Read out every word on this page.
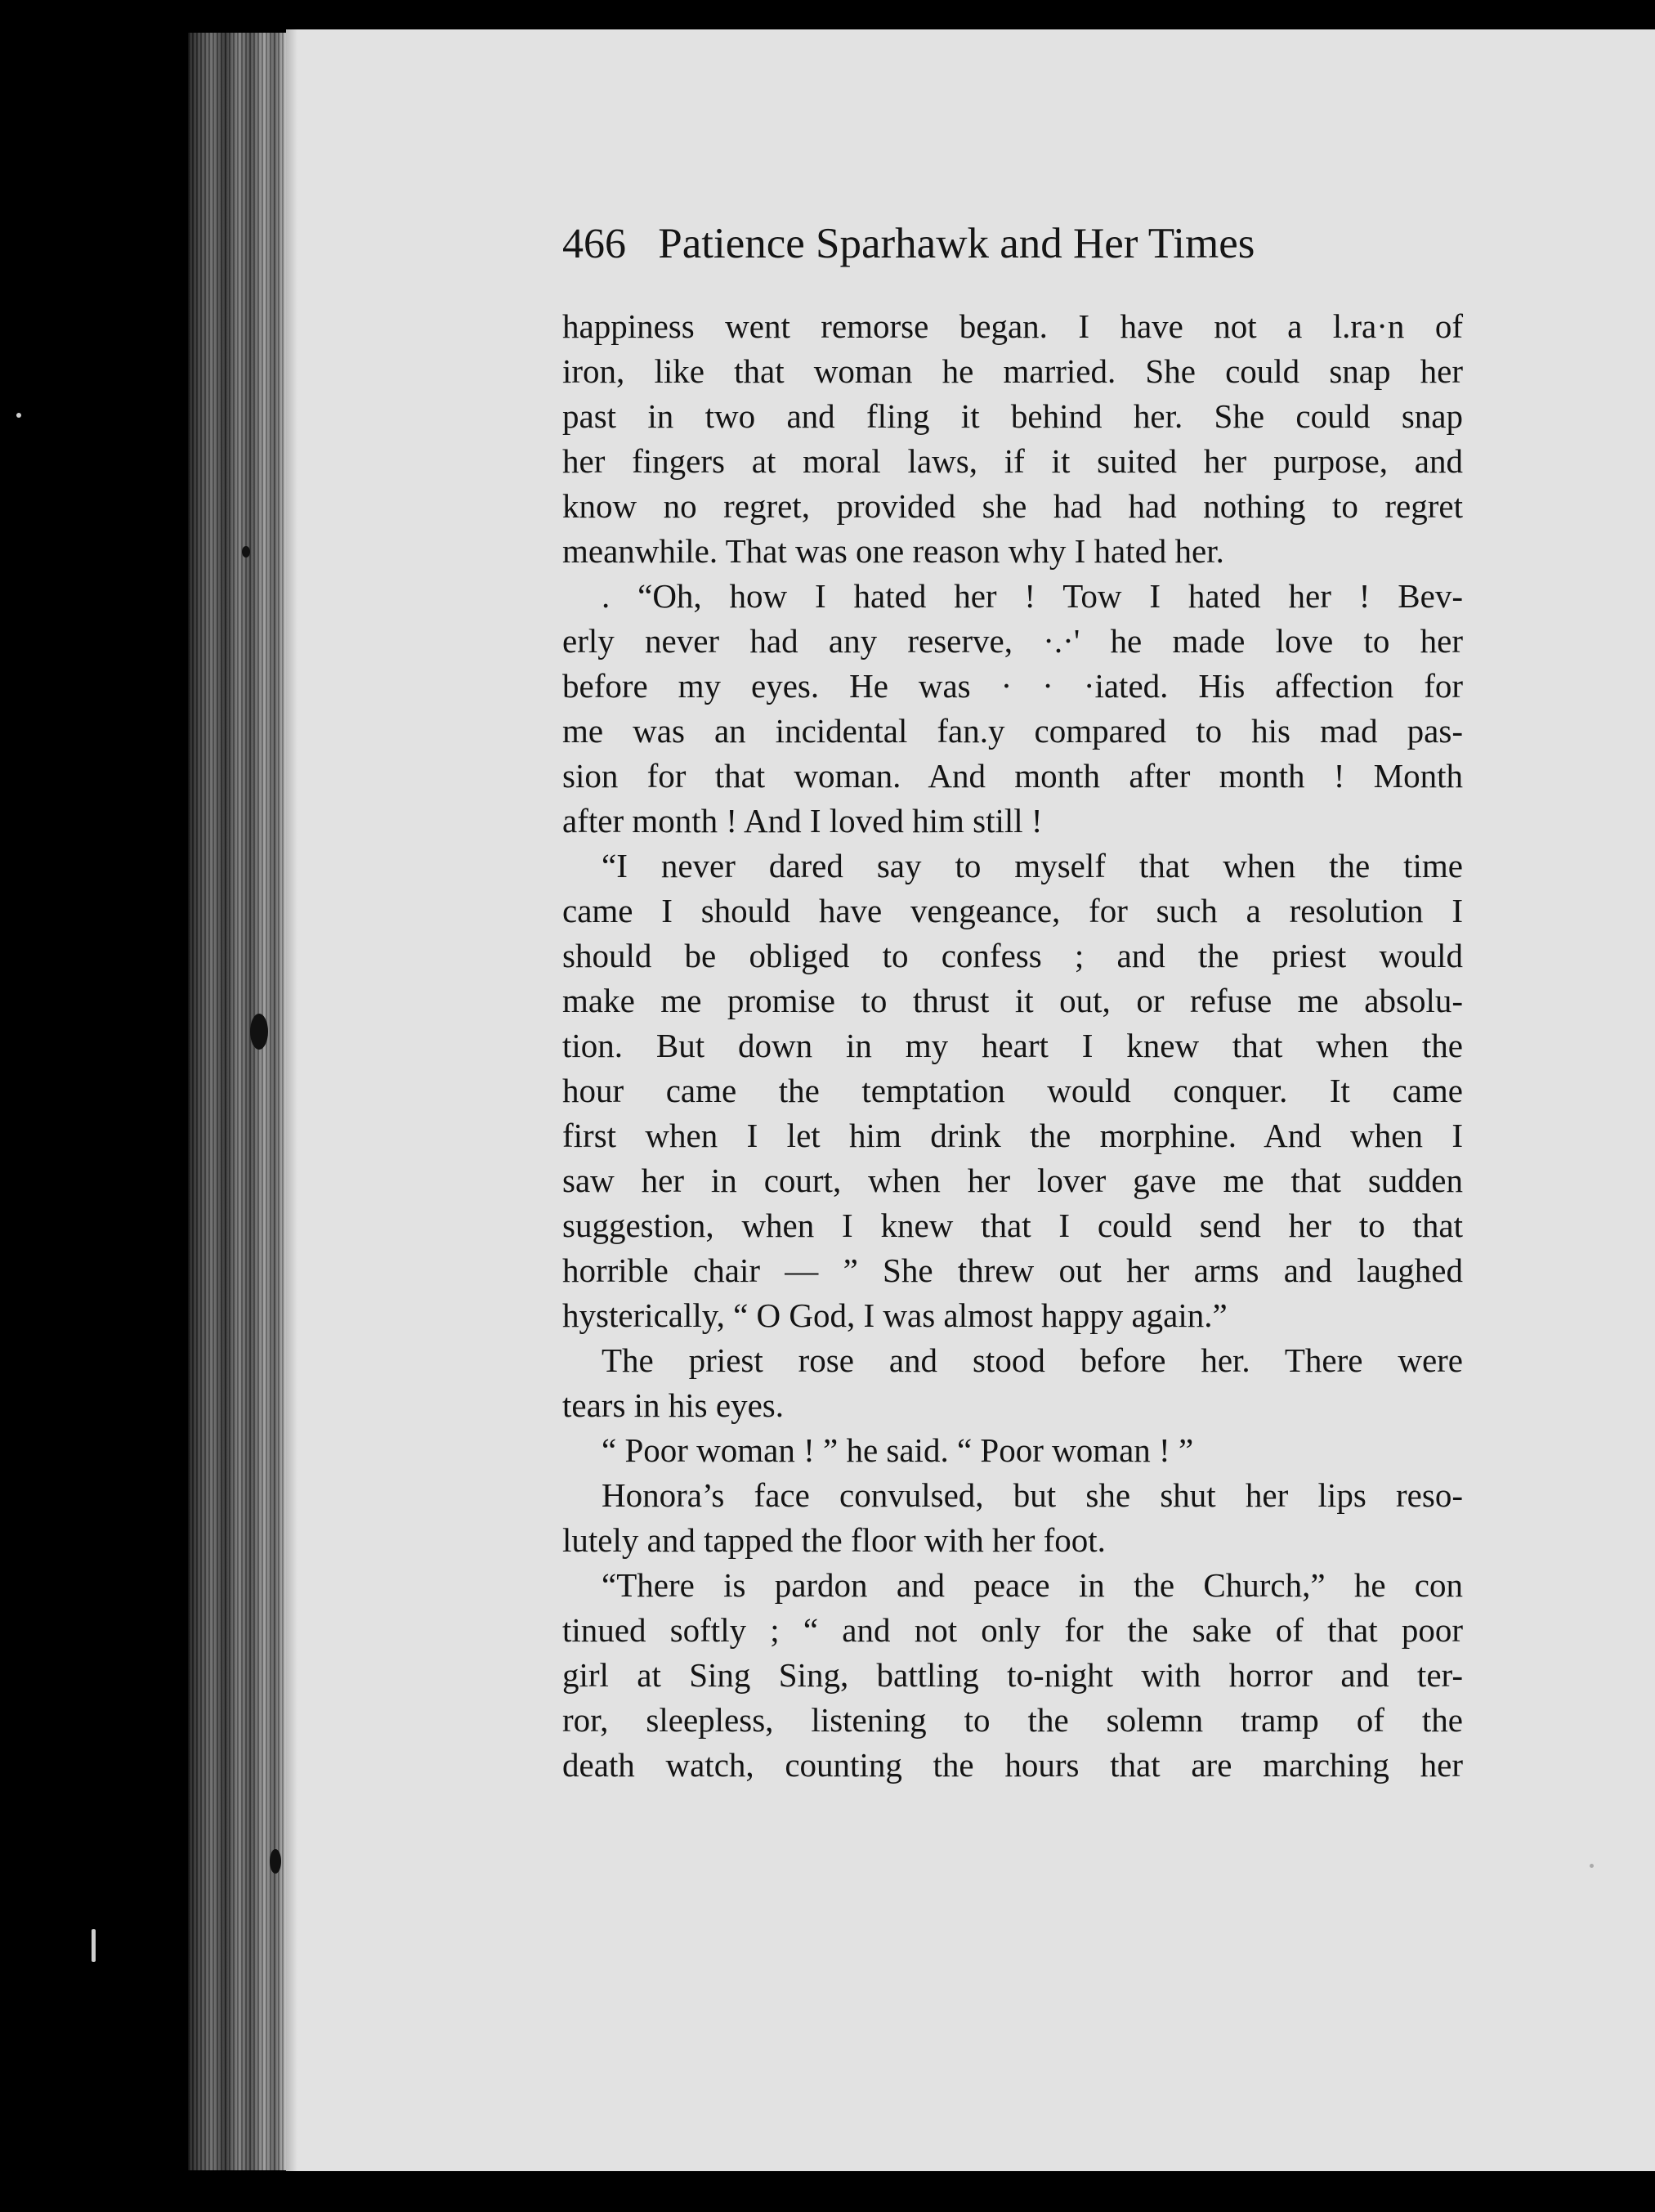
466 Patience Sparhawk and Her Times
happiness went remorse began. I have not a l.ra·n of
iron, like that woman he married. She could snap her
past in two and fling it behind her. She could snap
her fingers at moral laws, if it suited her purpose, and
know no regret, provided she had had nothing to regret
meanwhile. That was one reason why I hated her.
. “Oh, how I hated her ! Tow I hated her ! Bev-
erly never had any reserve, ·.·' he made love to her
before my eyes. He was · · ·iated. His affection for
me was an incidental fan.y compared to his mad pas-
sion for that woman. And month after month ! Month
after month ! And I loved him still !
“I never dared say to myself that when the time
came I should have vengeance, for such a resolution I
should be obliged to confess ; and the priest would
make me promise to thrust it out, or refuse me absolu-
tion. But down in my heart I knew that when the
hour came the temptation would conquer. It came
first when I let him drink the morphine. And when I
saw her in court, when her lover gave me that sudden
suggestion, when I knew that I could send her to that
horrible chair — ” She threw out her arms and laughed
hysterically, “ O God, I was almost happy again.”
The priest rose and stood before her. There were
tears in his eyes.
“ Poor woman ! ” he said. “ Poor woman ! ”
Honora’s face convulsed, but she shut her lips reso-
lutely and tapped the floor with her foot.
“There is pardon and peace in the Church,” he con
tinued softly ; “ and not only for the sake of that poor
girl at Sing Sing, battling to-night with horror and ter-
ror, sleepless, listening to the solemn tramp of the
death watch, counting the hours that are marching her
